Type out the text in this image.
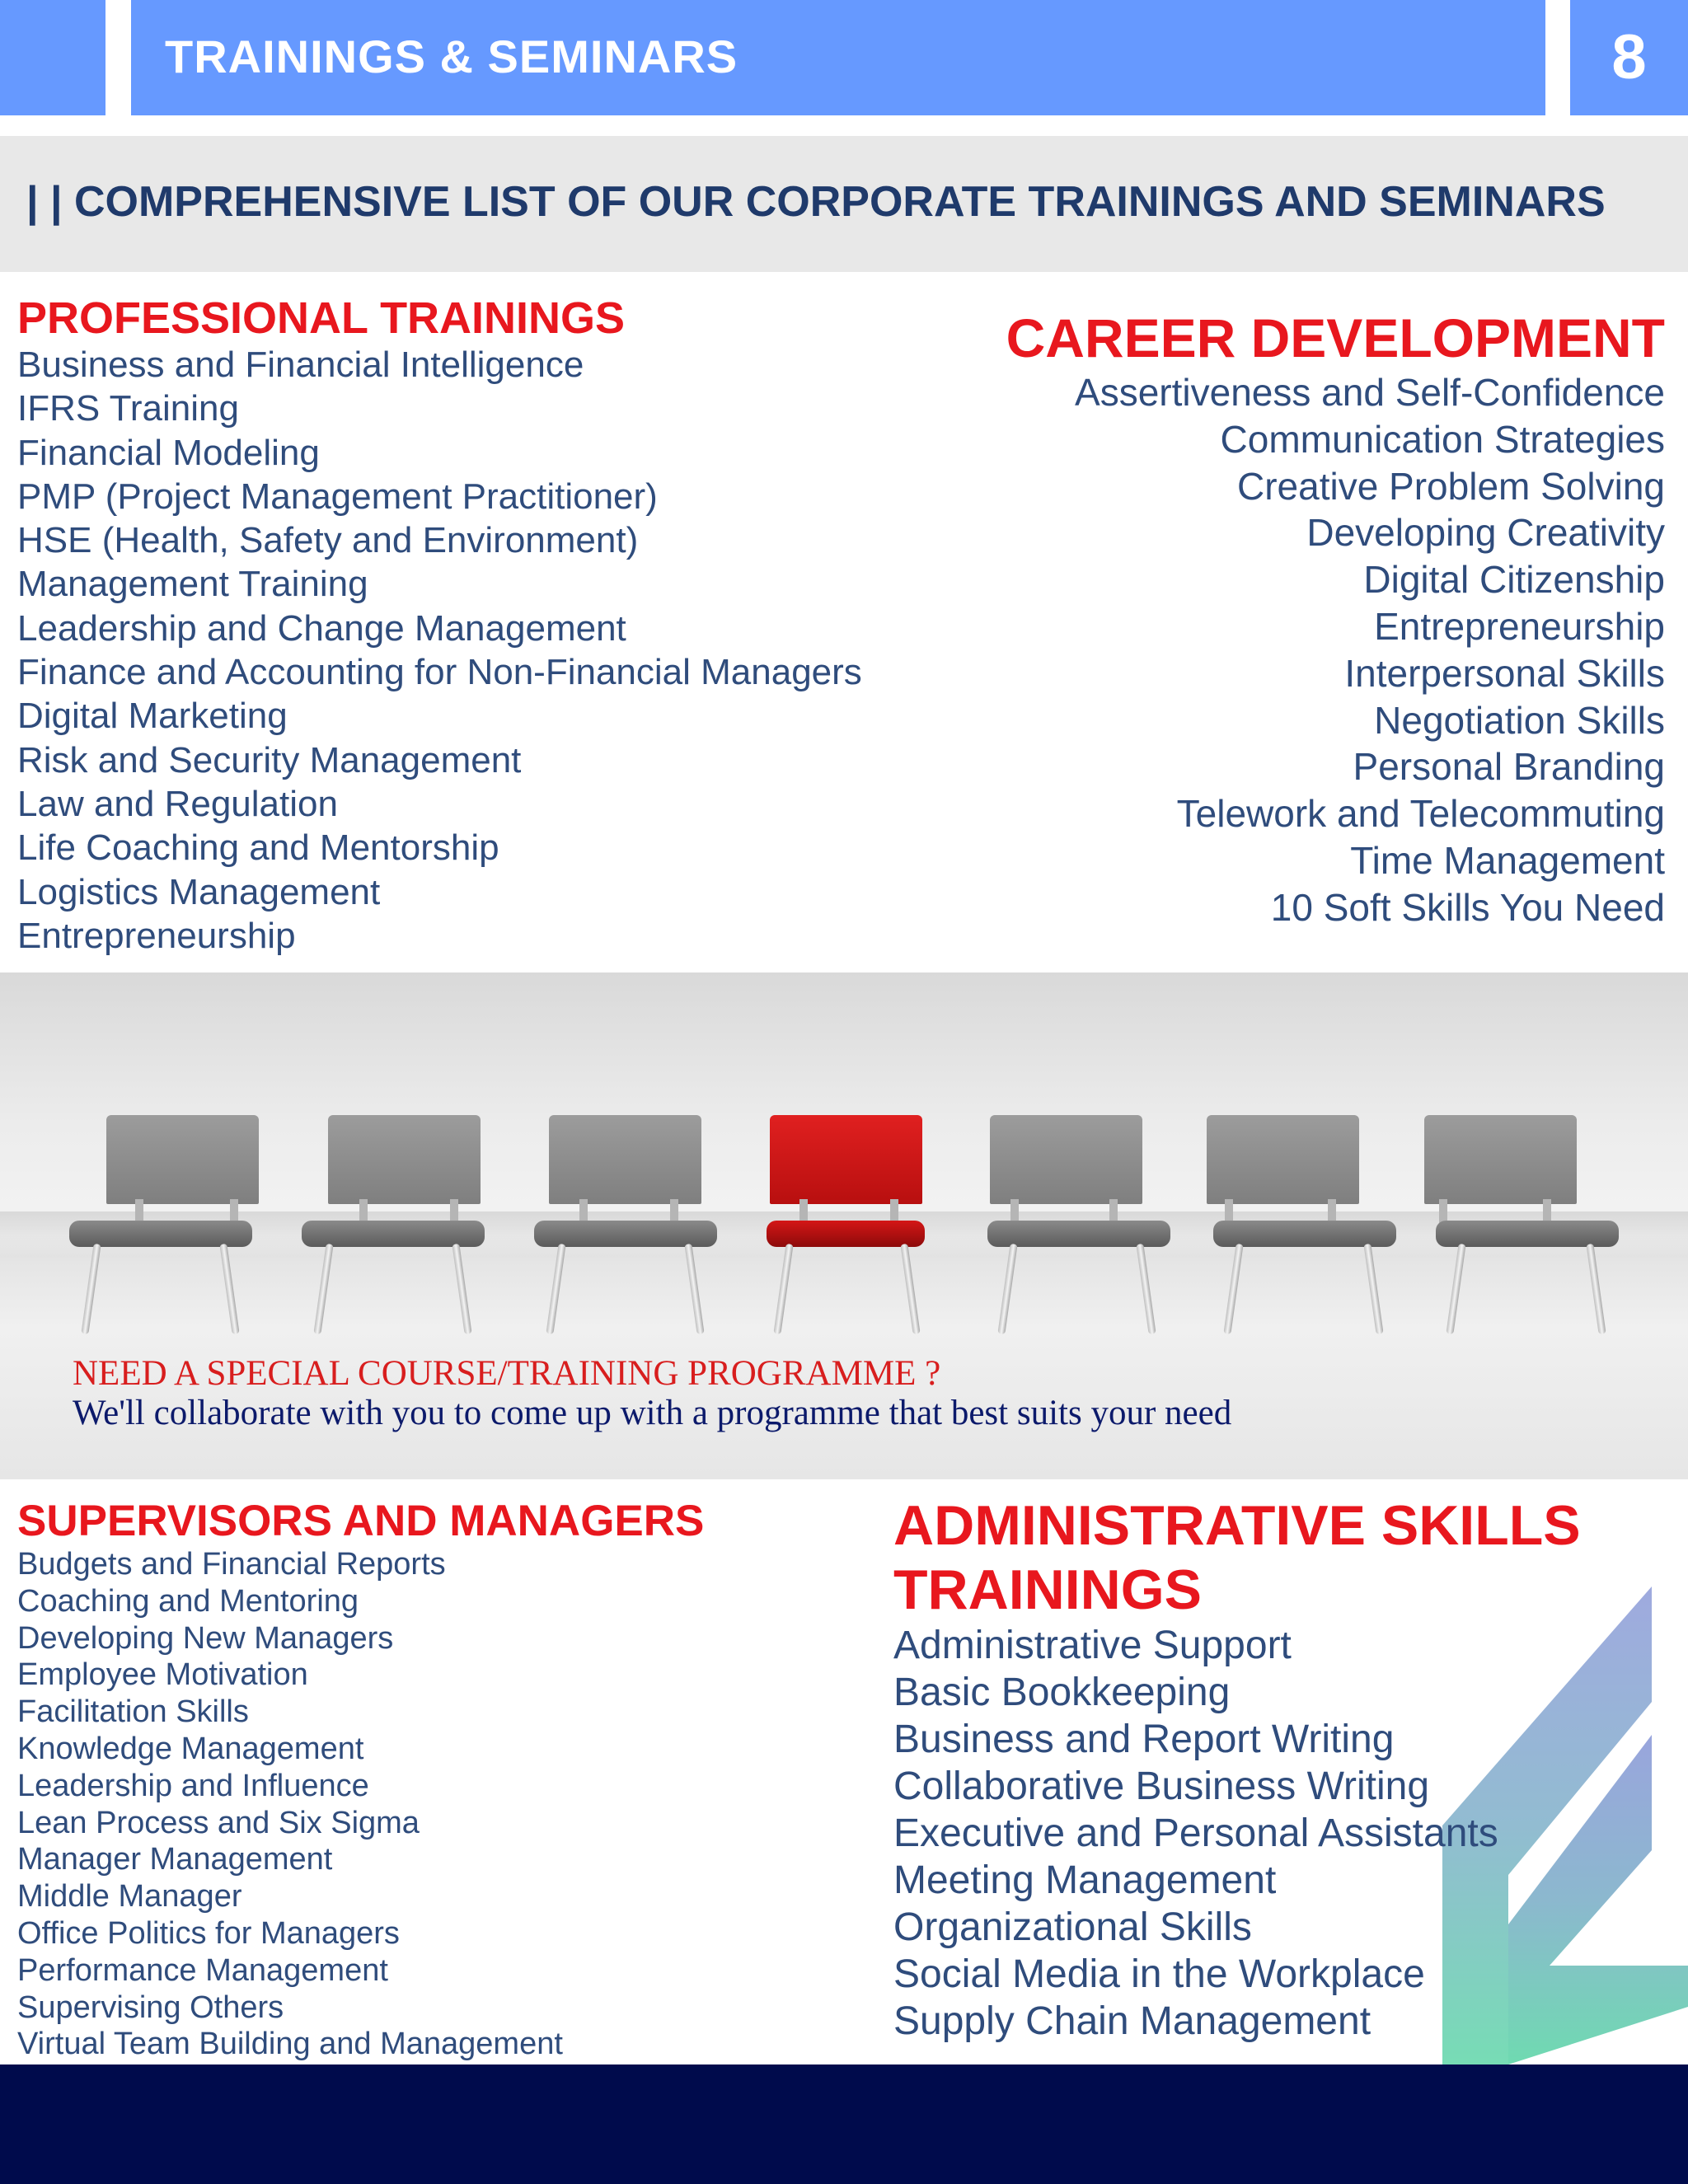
TRAININGS & SEMINARS	8
| | COMPREHENSIVE LIST OF OUR CORPORATE TRAININGS AND SEMINARS
PROFESSIONAL TRAININGS
Business and Financial Intelligence
IFRS Training
Financial Modeling
PMP (Project Management Practitioner)
HSE (Health, Safety and Environment)
Management Training
Leadership and Change Management
Finance and Accounting for Non-Financial Managers
Digital Marketing
Risk and Security Management
Law and Regulation
Life Coaching and Mentorship
Logistics Management
Entrepreneurship
CAREER DEVELOPMENT
Assertiveness and Self-Confidence
Communication Strategies
Creative Problem Solving
Developing Creativity
Digital Citizenship
Entrepreneurship
Interpersonal Skills
Negotiation Skills
Personal Branding
Telework and Telecommuting
Time Management
10 Soft Skills You Need
NEED A SPECIAL COURSE/TRAINING PROGRAMME ?
We'll collaborate with you to come up with a programme that best suits your need
SUPERVISORS AND MANAGERS
Budgets and Financial Reports
Coaching and Mentoring
Developing New Managers
Employee Motivation
Facilitation Skills
Knowledge Management
Leadership and Influence
Lean Process and Six Sigma
Manager Management
Middle Manager
Office Politics for Managers
Performance Management
Supervising Others
Virtual Team Building and Management
ADMINISTRATIVE SKILLS
TRAININGS
Administrative Support
Basic Bookkeeping
Business and Report Writing
Collaborative Business Writing
Executive and Personal Assistants
Meeting Management
Organizational Skills
Social Media in the Workplace
Supply Chain Management
